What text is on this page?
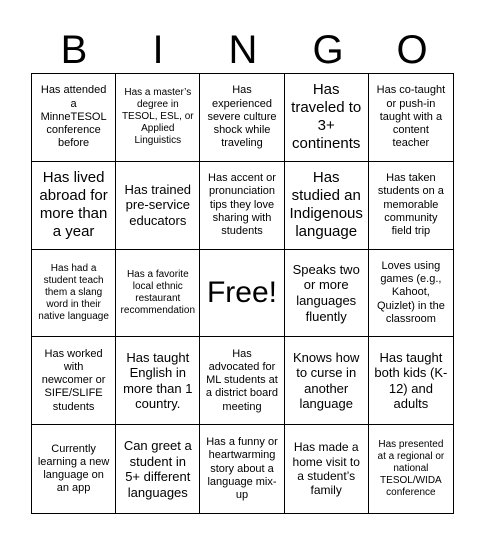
B	I	N	G	O
Has attended a MinneTESOL conference before
Has a master’s degree in TESOL, ESL, or Applied Linguistics
Has experienced severe culture shock while traveling
Has traveled to 3+ continents
Has co-taught or push-in taught with a content teacher
Has lived abroad for more than a year
Has trained pre-service educators
Has accent or pronunciation tips they love sharing with students
Has studied an Indigenous language
Has taken students on a memorable community field trip
Has had a student teach them a slang word in their native language
Has a favorite local ethnic restaurant recommendation
Free!
Speaks two or more languages fluently
Loves using games (e.g., Kahoot, Quizlet) in the classroom
Has worked with newcomer or SIFE/SLIFE students
Has taught English in more than 1 country.
Has advocated for ML students at a district board meeting
Knows how to curse in another language
Has taught both kids (K-12) and adults
Currently learning a new language on an app
Can greet a student in 5+ different languages
Has a funny or heartwarming story about a language mix-up
Has made a home visit to a student’s family
Has presented at a regional or national TESOL/WIDA conference
